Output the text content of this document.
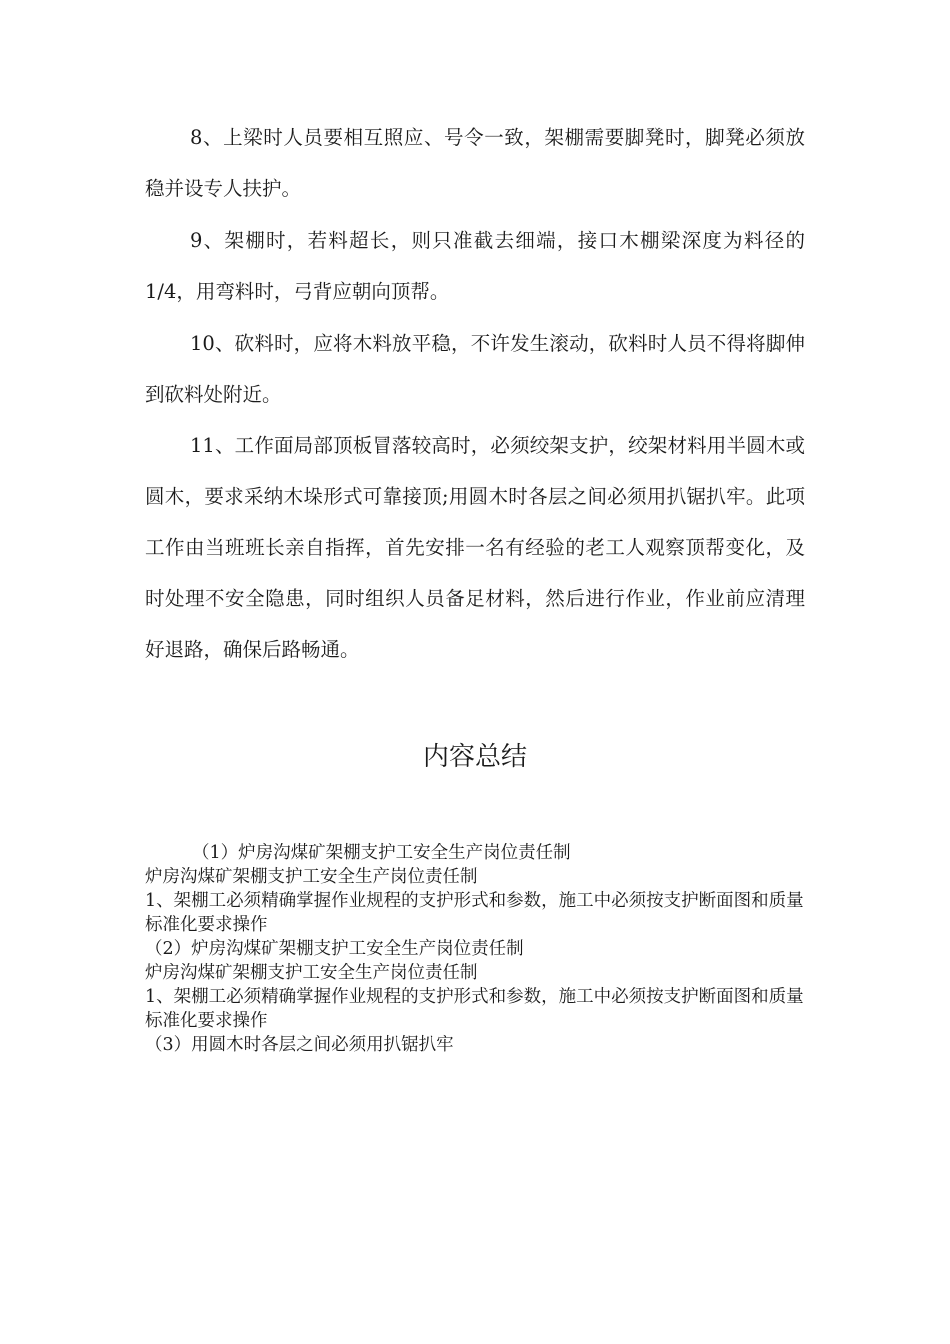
8、上梁时人员要相互照应、号令一致，架棚需要脚凳时，脚凳必须放稳并设专人扶护。

9、架棚时，若料超长，则只准截去细端，接口木棚梁深度为料径的 1/4，用弯料时，弓背应朝向顶帮。

10、砍料时，应将木料放平稳，不许发生滚动，砍料时人员不得将脚伸到砍料处附近。

11、工作面局部顶板冒落较高时，必须绞架支护，绞架材料用半圆木或圆木，要求采纳木垛形式可靠接顶;用圆木时各层之间必须用扒锯扒牢。此项工作由当班班长亲自指挥，首先安排一名有经验的老工人观察顶帮变化，及时处理不安全隐患，同时组织人员备足材料，然后进行作业，作业前应清理好退路，确保后路畅通。

内容总结

（1）炉房沟煤矿架棚支护工安全生产岗位责任制

炉房沟煤矿架棚支护工安全生产岗位责任制

1、架棚工必须精确掌握作业规程的支护形式和参数，施工中必须按支护断面图和质量标准化要求操作

（2）炉房沟煤矿架棚支护工安全生产岗位责任制

炉房沟煤矿架棚支护工安全生产岗位责任制

1、架棚工必须精确掌握作业规程的支护形式和参数，施工中必须按支护断面图和质量标准化要求操作

（3）用圆木时各层之间必须用扒锯扒牢
